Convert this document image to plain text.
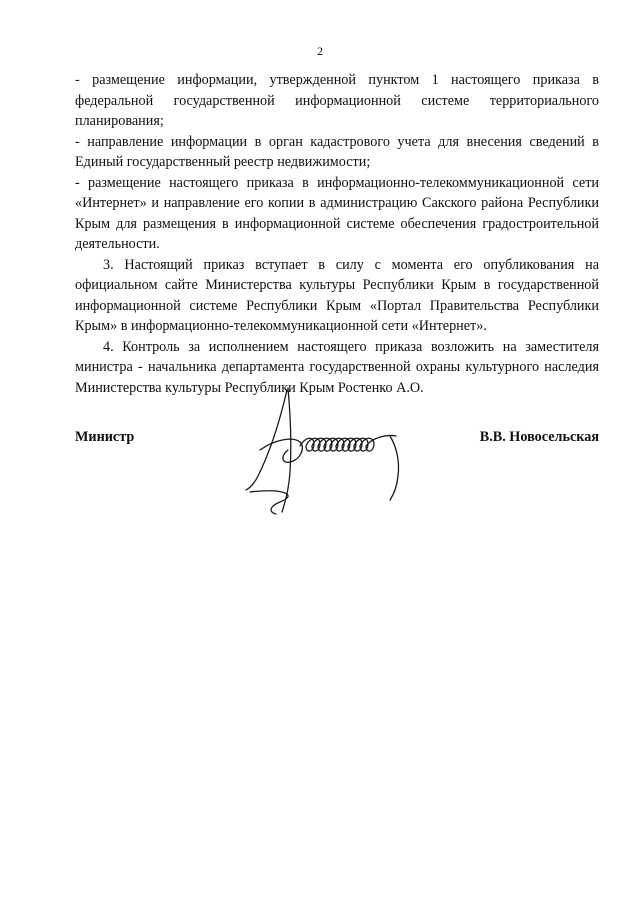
2

- размещение информации, утвержденной пунктом 1 настоящего приказа в федеральной государственной информационной системе территориального планирования;

- направление информации в орган кадастрового учета для внесения сведений в Единый государственный реестр недвижимости;

- размещение настоящего приказа в информационно-телекоммуникационной сети «Интернет» и направление его копии в администрацию Сакского района Республики Крым для размещения в информационной системе обеспечения градостроительной деятельности.

3. Настоящий приказ вступает в силу с момента его опубликования на официальном сайте Министерства культуры Республики Крым в государственной информационной системе Республики Крым «Портал Правительства Республики Крым» в информационно-телекоммуникационной сети «Интернет».

4. Контроль за исполнением настоящего приказа возложить на заместителя министра - начальника департамента государственной охраны культурного наследия Министерства культуры Республики Крым Ростенко А.О.

Министр	В.В. Новосельская
